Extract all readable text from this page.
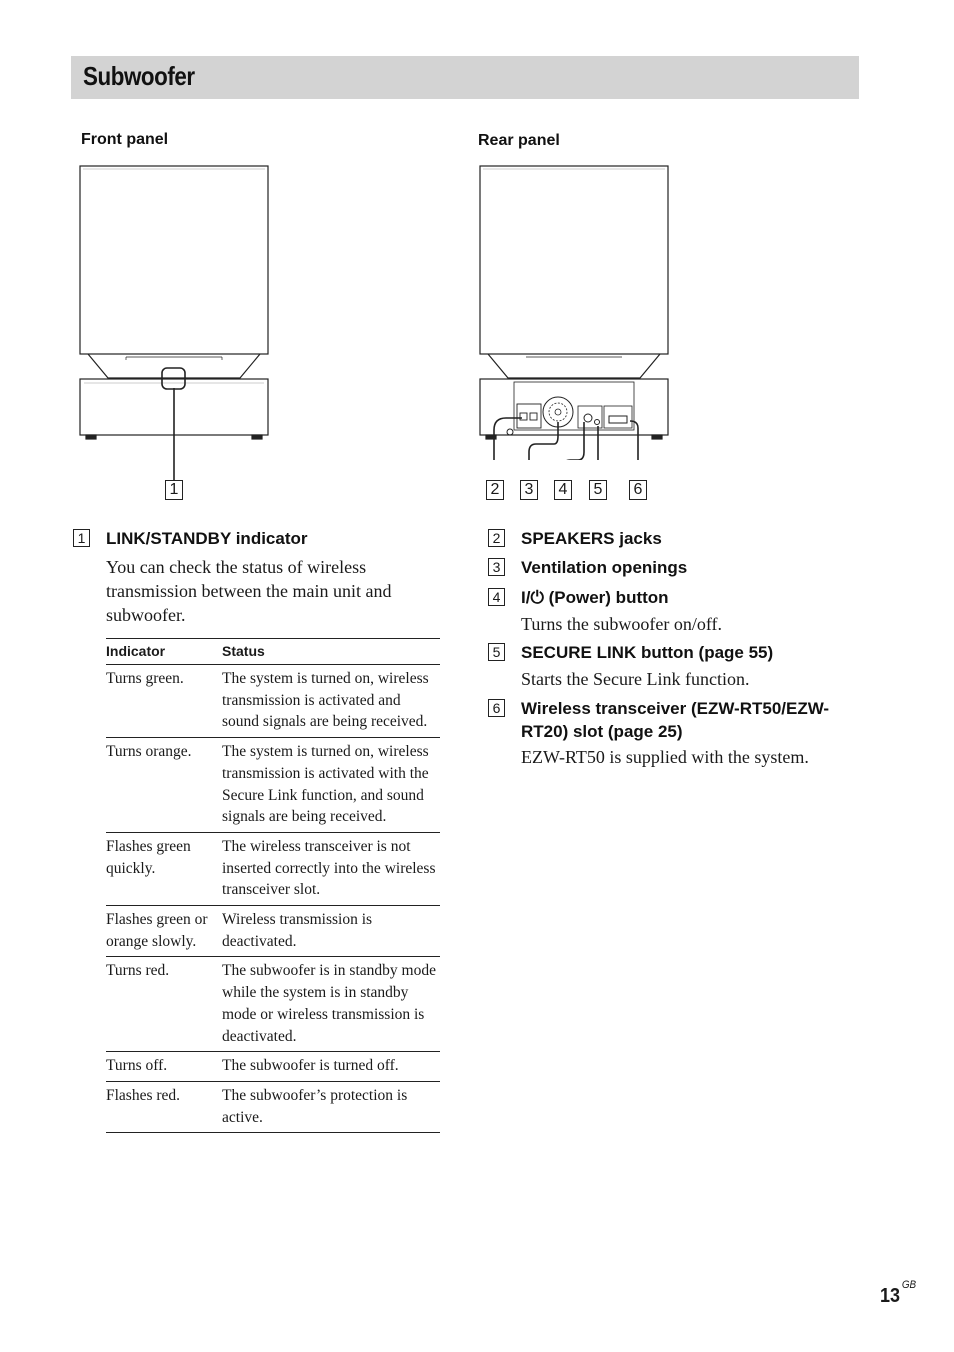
Subwoofer
Front panel	Rear panel
1	2 3 4 5 6
1 LINK/STANDBY indicator
You can check the status of wireless transmission between the main unit and subwoofer.
Indicator	Status
Turns green.	The system is turned on, wireless transmission is activated and sound signals are being received.
Turns orange.	The system is turned on, wireless transmission is activated with the Secure Link function, and sound signals are being received.
Flashes green quickly.	The wireless transceiver is not inserted correctly into the wireless transceiver slot.
Flashes green or orange slowly.	Wireless transmission is deactivated.
Turns red.	The subwoofer is in standby mode while the system is in standby mode or wireless transmission is deactivated.
Turns off.	The subwoofer is turned off.
Flashes red.	The subwoofer’s protection is active.
2 SPEAKERS jacks
3 Ventilation openings
4 I/⏻ (Power) button
Turns the subwoofer on/off.
5 SECURE LINK button (page 55)
Starts the Secure Link function.
6 Wireless transceiver (EZW-RT50/EZW-RT20) slot (page 25)
EZW-RT50 is supplied with the system.
13 $^{GB}$
